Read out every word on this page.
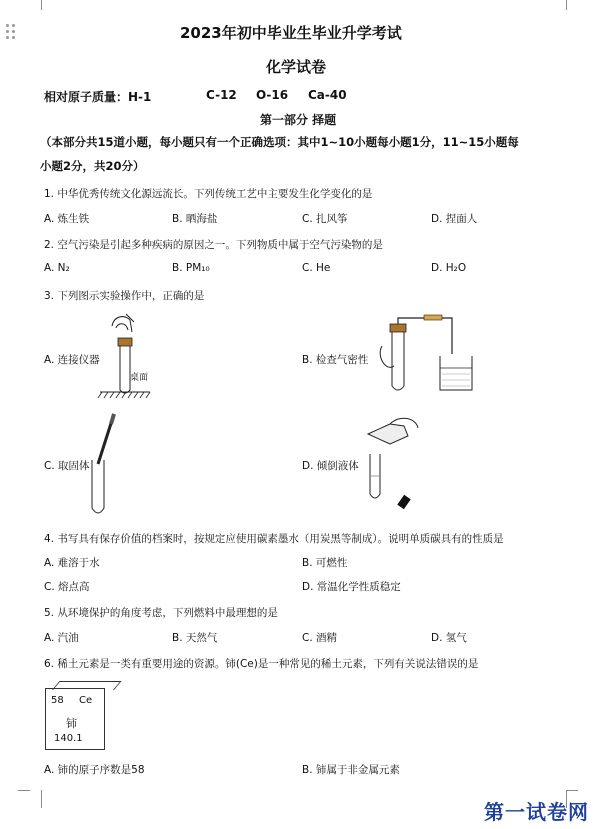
2023年初中毕业生毕业升学考试
化学试卷
相对原子质量：H-1	C-12 O-16 Ca-40
第一部分 择题
（本部分共15道小题，每小题只有一个正确选项：其中1~10小题每小题1分，11~15小题每
小题2分，共20分）
1. 中华优秀传统文化源远流长。下列传统工艺中主要发生化学变化的是
A. 炼生铁	B. 晒海盐	C. 扎风筝	D. 捏面人
2. 空气污染是引起多种疾病的原因之一。下列物质中属于空气污染物的是
A. N₂	B. PM₁₀	C. He	D. H₂O
3. 下列图示实验操作中，正确的是
桌面
A. 连接仪器	B. 检查气密性
C. 取固体	D. 倾倒液体
4. 书写具有保存价值的档案时，按规定应使用碳素墨水（用炭黑等制成）。说明单质碳具有的性质是
A. 难溶于水	B. 可燃性
C. 熔点高	D. 常温化学性质稳定
5. 从环境保护的角度考虑，下列燃料中最理想的是
A. 汽油	B. 天然气	C. 酒精	D. 氢气
6. 稀土元素是一类有重要用途的资源。铈(Ce)是一种常见的稀土元素，下列有关说法错误的是
58 Ce
铈
140.1
A. 铈的原子序数是58	B. 铈属于非金属元素
第一试卷网
